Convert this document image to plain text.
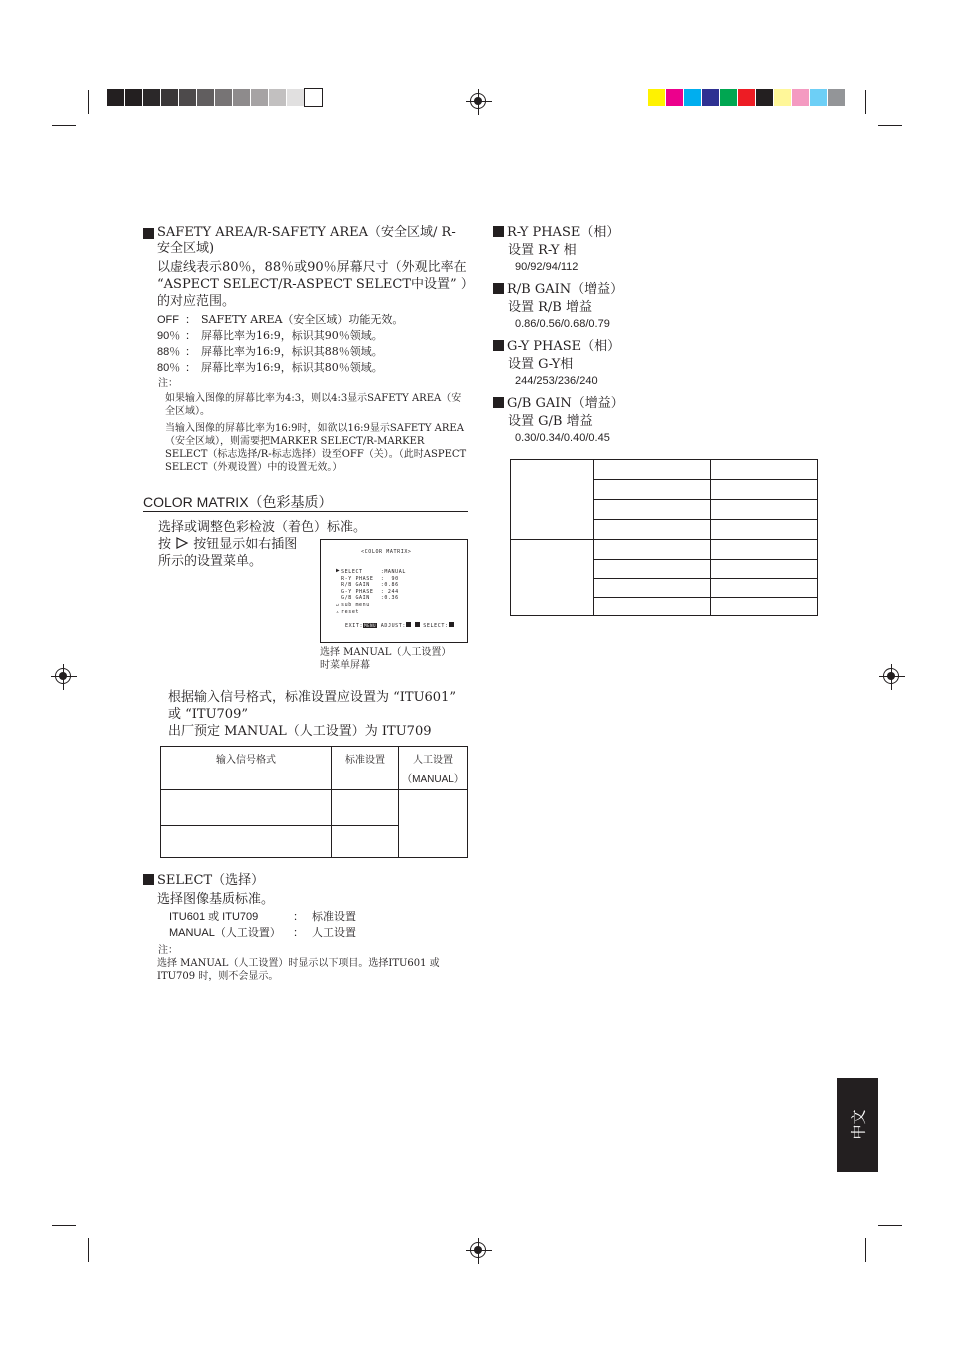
SAFETY AREA/R-SAFETY AREA（安全区域/ R-安全区域)
以虚线表示80％，88％或90％屏幕尺寸（外观比率在 “ASPECT SELECT/R-ASPECT SELECT中设置” ）的对应范围。
OFF ： SAFETY AREA（安全区域）功能无效。
90％ ： 屏幕比率为16:9，标识其90％领域。
88％ ： 屏幕比率为16:9，标识其88％领域。
80％ ： 屏幕比率为16:9，标识其80％领域。
注：
如果输入图像的屏幕比率为4:3，则以4:3显示SAFETY AREA（安全区域）。
当输入图像的屏幕比率为16:9时，如欲以16:9显示SAFETY AREA（安全区域），则需要把MARKER SELECT/R-MARKER SELECT（标志选择/R-标志选择）设至OFF（关）。（此时ASPECT SELECT（外观设置）中的设置无效。）
COLOR MATRIX（色彩基质）
选择或调整色彩检波（着色）标准。
按 按钮显示如右插图
所示的设置菜单。
<COLOR MATRIX>
▶ SELECT     :MANUAL
R-Y PHASE  :  90
R/B GAIN   :0.86
G-Y PHASE  : 244
G/B GAIN   :0.36
↵ sub menu
▵ reset
EXIT:MENU ADJUST:	SELECT:
选择 MANUAL（人工设置）时菜单屏幕
根据输入信号格式，标准设置应设置为 “ITU601” 或 “ITU709”
出厂预定 MANUAL（人工设置）为 ITU709
输入信号格式	标准设置	人工设置
（MANUAL）

SELECT（选择）
选择图像基质标准。
ITU601 或 ITU709	： 标准设置
MANUAL（人工设置）	： 人工设置
注：
选择 MANUAL（人工设置）时显示以下项目。选择ITU601 或 ITU709 时，则不会显示。
R-Y PHASE（相）
设置 R-Y 相
90/92/94/112
R/B GAIN（增益）
设置 R/B 增益
0.86/0.56/0.68/0.79
G-Y PHASE（相）
设置 G-Y相
244/253/236/240
G/B GAIN（增益）
设置 G/B 增益
0.30/0.34/0.40/0.45

中文
